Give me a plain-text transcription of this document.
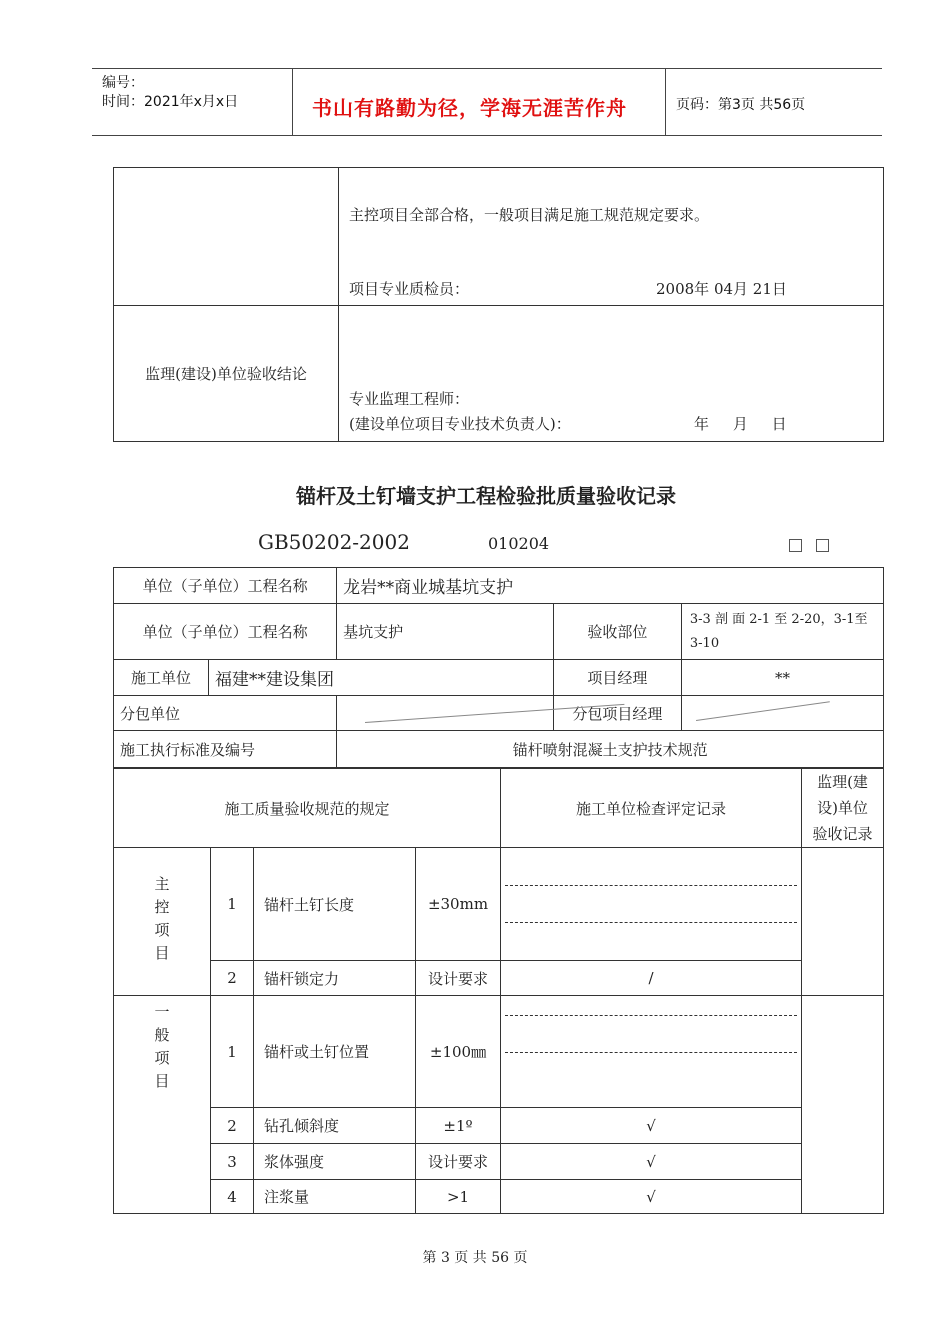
编号：
时间：2021年x月x日	书山有路勤为径，学海无涯苦作舟	页码：第3页 共56页

	主控项目全部合格，一般项目满足施工规范规定要求。
项目专业质检员： 2008年 04月 21日

监理(建设)单位验收结论	专业监理工程师：
(建设单位项目专业技术负责人)： 年     月     日
锚杆及土钉墙支护工程检验批质量验收记录
GB50202-2002	010204
单位（子单位）工程名称		龙岩**商业城基坑支护		
单位（子单位）工程名称		基坑支护	验收部位	3-3 剖 面 2-1 至 2-20，3-1至3-10
施工单位	福建**建设集团		项目经理	**
分包单位			分包项目经理	

施工执行标准及编号		锚杆喷射混凝土支护技术规范		
施工质量验收规范的规定				施工单位检查评定记录	监理(建设)单位验收记录

主控项目	1	锚杆土钉长度	±30mm	

	2	锚杆锁定力	设计要求	/	

一般项目	1	锚杆或土钉位置	±100㎜	

	2	钻孔倾斜度	±1º	√	
	3	浆体强度	设计要求	√	
	4	注浆量	>1	√	
第 3 页 共 56 页
